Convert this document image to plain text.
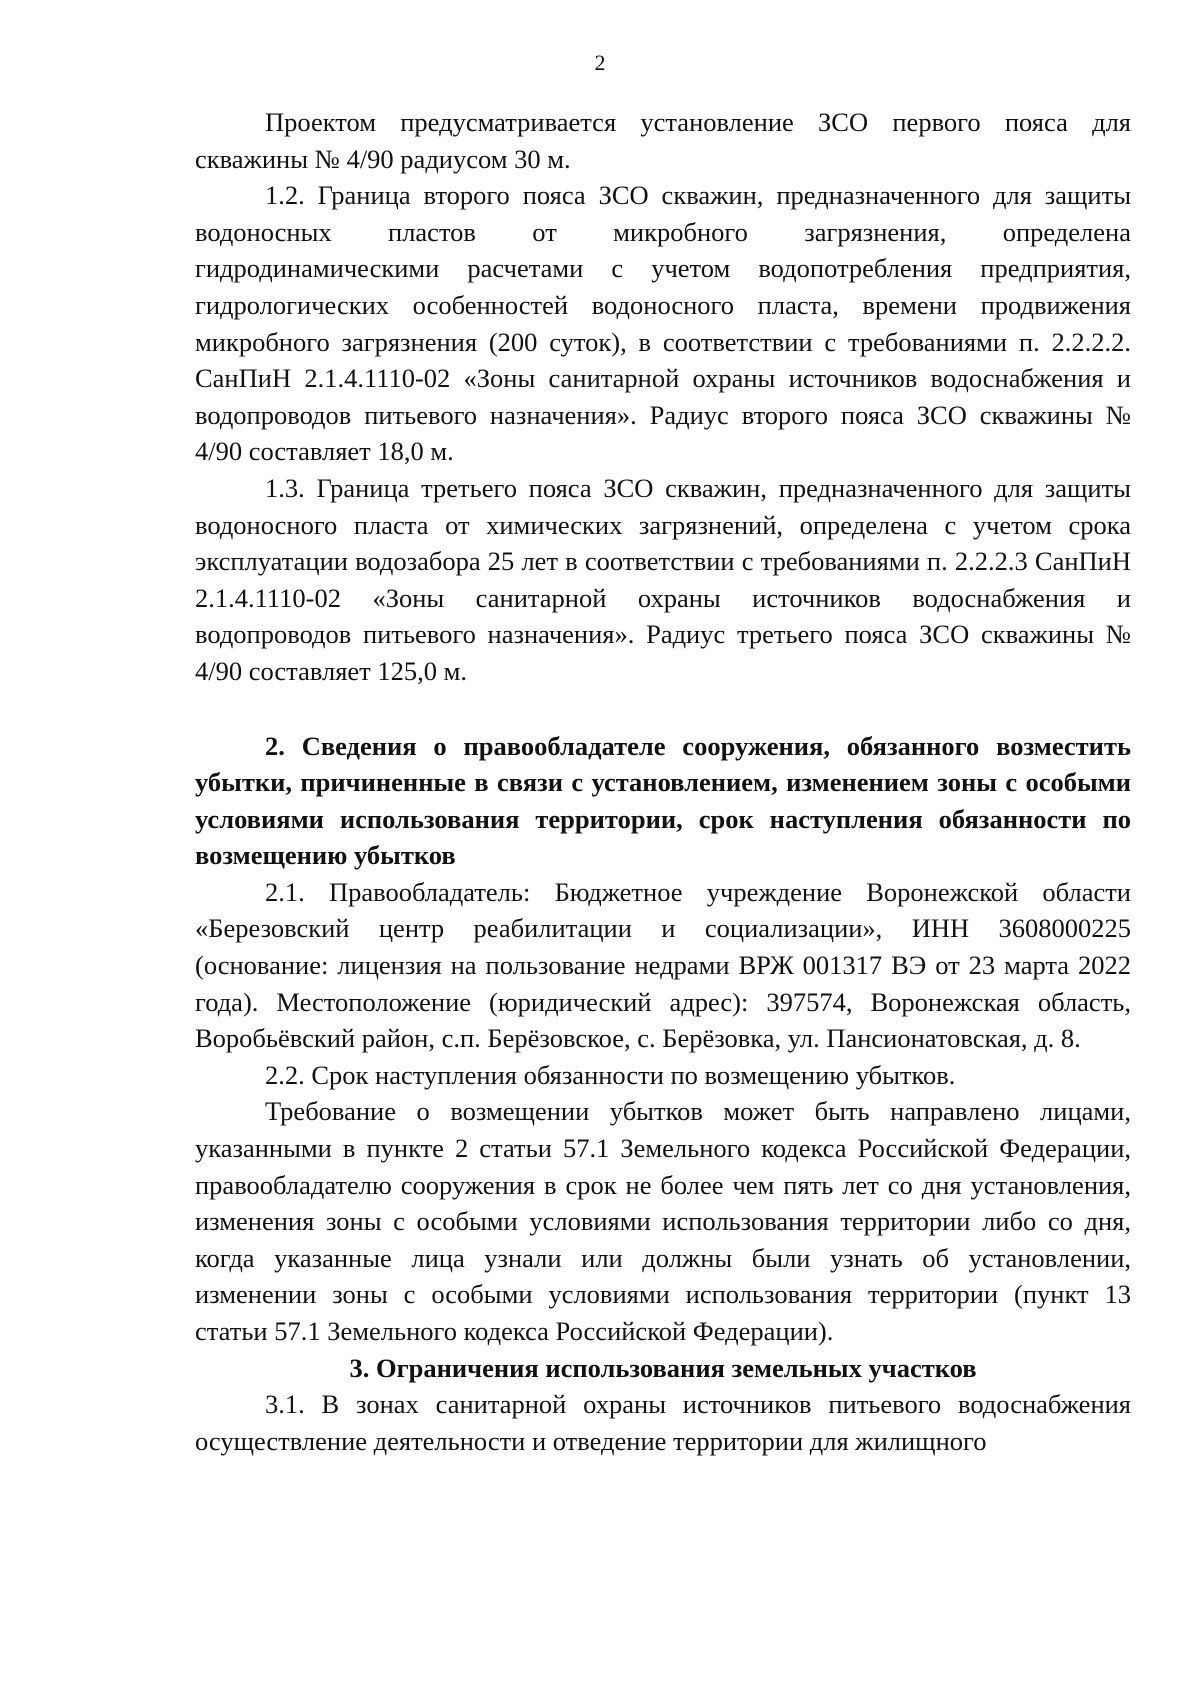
2

Проектом предусматривается установление ЗСО первого пояса для скважины № 4/90 радиусом 30 м.

1.2. Граница второго пояса ЗСО скважин, предназначенного для защиты водоносных пластов от микробного загрязнения, определена гидродинамическими расчетами с учетом водопотребления предприятия, гидрологических особенностей водоносного пласта, времени продвижения микробного загрязнения (200 суток), в соответствии с требованиями п. 2.2.2.2. СанПиН 2.1.4.1110-02 «Зоны санитарной охраны источников водоснабжения и водопроводов питьевого назначения». Радиус второго пояса ЗСО скважины № 4/90 составляет 18,0 м.

1.3. Граница третьего пояса ЗСО скважин, предназначенного для защиты водоносного пласта от химических загрязнений, определена с учетом срока эксплуатации водозабора 25 лет в соответствии с требованиями п. 2.2.2.3 СанПиН 2.1.4.1110-02 «Зоны санитарной охраны источников водоснабжения и водопроводов питьевого назначения». Радиус третьего пояса ЗСО скважины № 4/90 составляет 125,0 м.

2. Сведения о правообладателе сооружения, обязанного возместить убытки, причиненные в связи с установлением, изменением зоны с особыми условиями использования территории, срок наступления обязанности по возмещению убытков

2.1. Правообладатель: Бюджетное учреждение Воронежской области «Березовский центр реабилитации и социализации», ИНН 3608000225 (основание: лицензия на пользование недрами ВРЖ 001317 ВЭ от 23 марта 2022 года). Местоположение (юридический адрес): 397574, Воронежская область, Воробьёвский район, с.п. Берёзовское, с. Берёзовка, ул. Пансионатовская, д. 8.

2.2. Срок наступления обязанности по возмещению убытков.

Требование о возмещении убытков может быть направлено лицами, указанными в пункте 2 статьи 57.1 Земельного кодекса Российской Федерации, правообладателю сооружения в срок не более чем пять лет со дня установления, изменения зоны с особыми условиями использования территории либо со дня, когда указанные лица узнали или должны были узнать об установлении, изменении зоны с особыми условиями использования территории (пункт 13 статьи 57.1 Земельного кодекса Российской Федерации).

3. Ограничения использования земельных участков

3.1. В зонах санитарной охраны источников питьевого водоснабжения осуществление деятельности и отведение территории для жилищного
